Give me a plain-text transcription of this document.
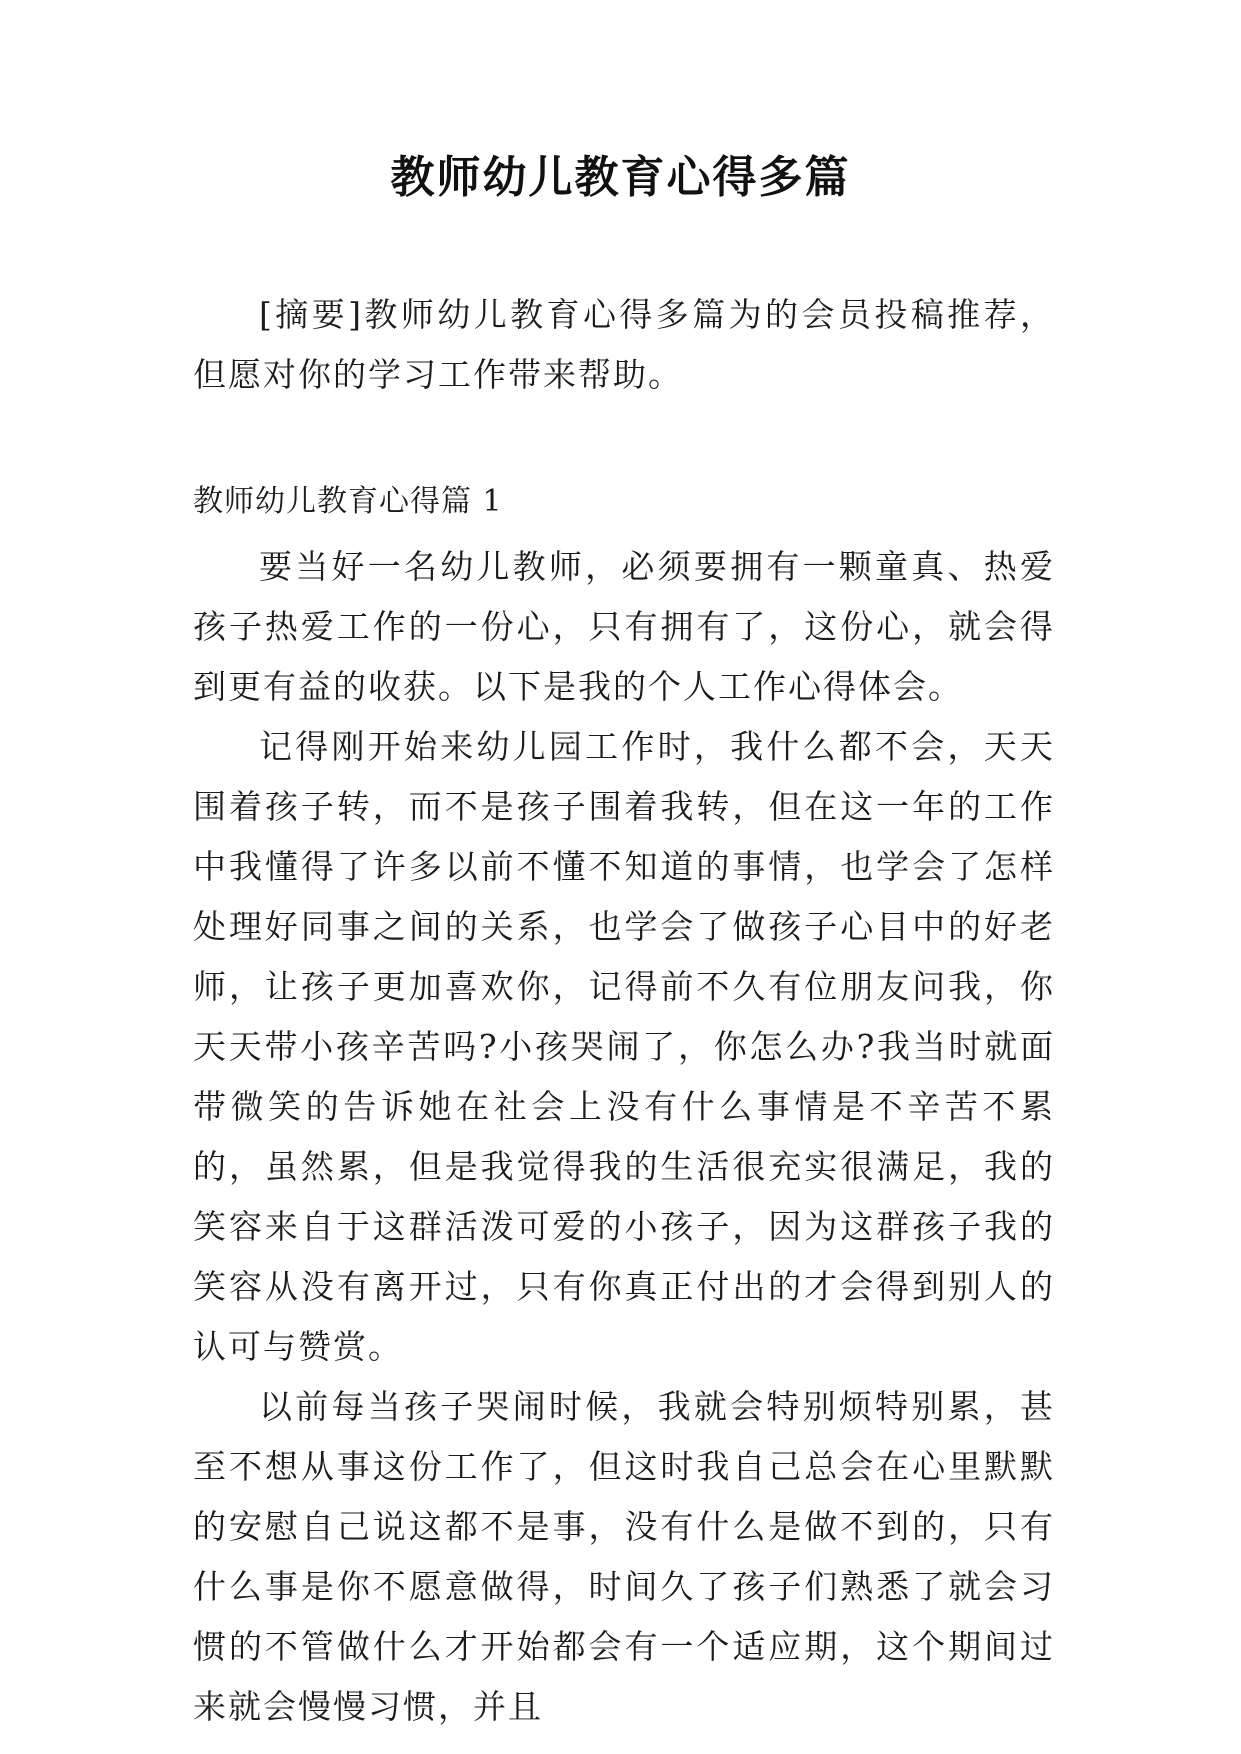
教师幼儿教育心得多篇

[摘要]教师幼儿教育心得多篇为的会员投稿推荐，但愿对你的学习工作带来帮助。

教师幼儿教育心得篇 1

要当好一名幼儿教师，必须要拥有一颗童真、热爱孩子热爱工作的一份心，只有拥有了，这份心，就会得到更有益的收获。以下是我的个人工作心得体会。

记得刚开始来幼儿园工作时，我什么都不会，天天围着孩子转，而不是孩子围着我转，但在这一年的工作中我懂得了许多以前不懂不知道的事情，也学会了怎样处理好同事之间的关系，也学会了做孩子心目中的好老师，让孩子更加喜欢你，记得前不久有位朋友问我，你天天带小孩辛苦吗?小孩哭闹了，你怎么办?我当时就面带微笑的告诉她在社会上没有什么事情是不辛苦不累的，虽然累，但是我觉得我的生活很充实很满足，我的笑容来自于这群活泼可爱的小孩子，因为这群孩子我的笑容从没有离开过，只有你真正付出的才会得到别人的认可与赞赏。

以前每当孩子哭闹时候，我就会特别烦特别累，甚至不想从事这份工作了，但这时我自己总会在心里默默的安慰自己说这都不是事，没有什么是做不到的，只有什么事是你不愿意做得，时间久了孩子们熟悉了就会习惯的不管做什么才开始都会有一个适应期，这个期间过来就会慢慢习惯，并且
